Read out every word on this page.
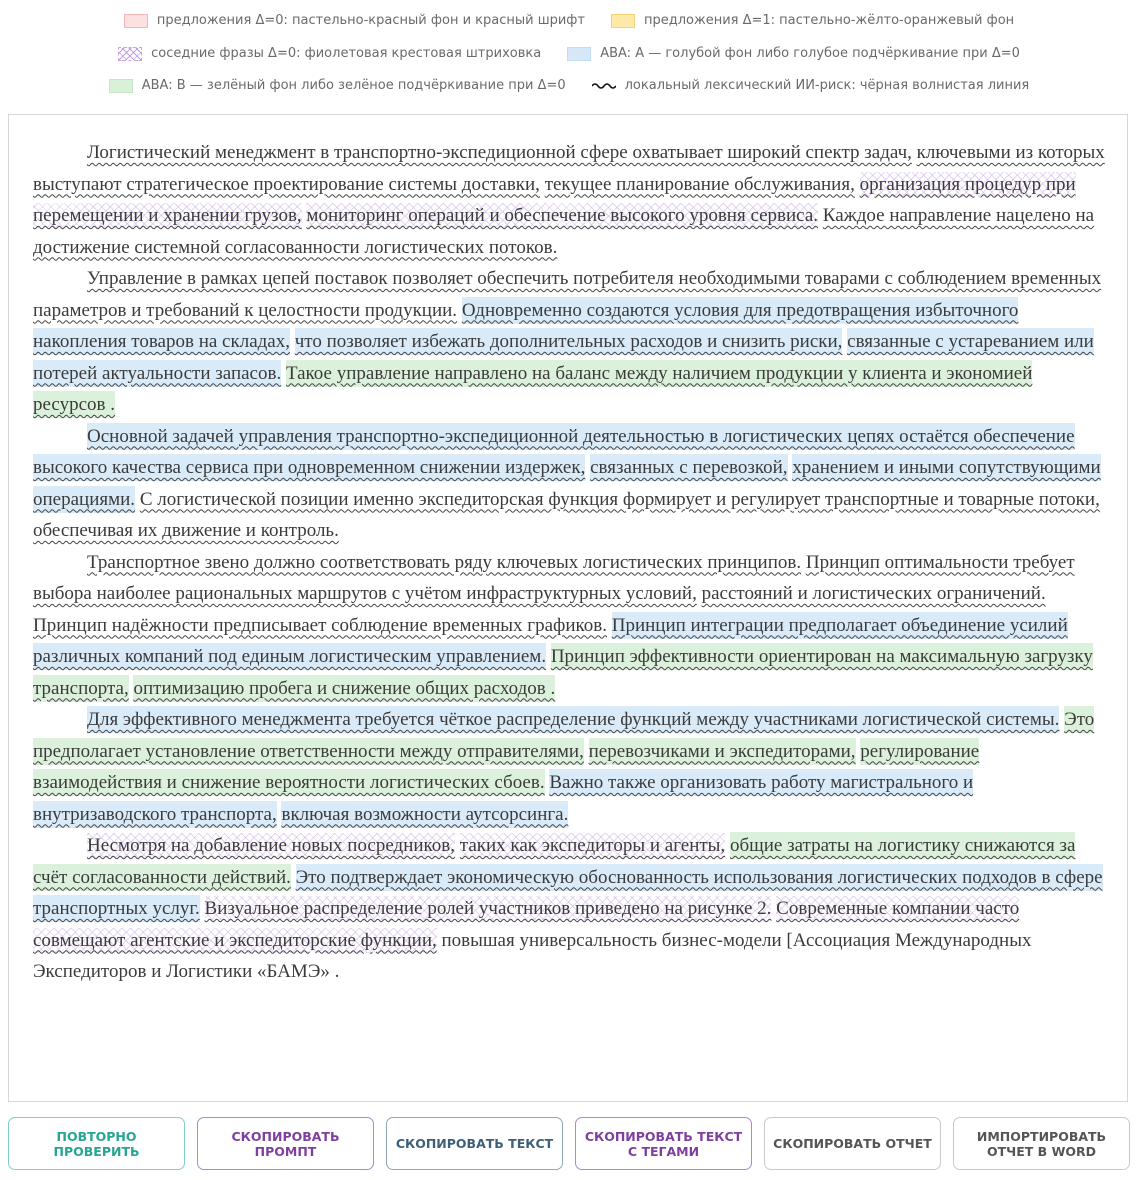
предложения Δ=0: пастельно-красный фон и красный шрифт	предложения Δ=1: пастельно-жёлто-оранжевый фон
соседние фразы Δ=0: фиолетовая крестовая штриховка	ABA: A — голубой фон либо голубое подчёркивание при Δ=0
ABA: B — зелёный фон либо зелёное подчёркивание при Δ=0	локальный лексический ИИ-риск: чёрная волнистая линия

Логистический менеджмент в транспортно-экспедиционной сфере охватывает широкий спектр задач, ключевыми из которых выступают стратегическое проектирование системы доставки, текущее планирование обслуживания, организация процедур при перемещении и хранении грузов, мониторинг операций и обеспечение высокого уровня сервиса. Каждое направление нацелено на достижение системной согласованности логистических потоков.

Управление в рамках цепей поставок позволяет обеспечить потребителя необходимыми товарами с соблюдением временных параметров и требований к целостности продукции. Одновременно создаются условия для предотвращения избыточного накопления товаров на складах, что позволяет избежать дополнительных расходов и снизить риски, связанные с устареванием или потерей актуальности запасов. Такое управление направлено на баланс между наличием продукции у клиента и экономией ресурсов .

Основной задачей управления транспортно-экспедиционной деятельностью в логистических цепях остаётся обеспечение высокого качества сервиса при одновременном снижении издержек, связанных с перевозкой, хранением и иными сопутствующими операциями. С логистической позиции именно экспедиторская функция формирует и регулирует транспортные и товарные потоки, обеспечивая их движение и контроль.

Транспортное звено должно соответствовать ряду ключевых логистических принципов. Принцип оптимальности требует выбора наиболее рациональных маршрутов с учётом инфраструктурных условий, расстояний и логистических ограничений. Принцип надёжности предписывает соблюдение временных графиков. Принцип интеграции предполагает объединение усилий различных компаний под единым логистическим управлением. Принцип эффективности ориентирован на максимальную загрузку транспорта, оптимизацию пробега и снижение общих расходов .

Для эффективного менеджмента требуется чёткое распределение функций между участниками логистической системы. Это предполагает установление ответственности между отправителями, перевозчиками и экспедиторами, регулирование взаимодействия и снижение вероятности логистических сбоев. Важно также организовать работу магистрального и внутризаводского транспорта, включая возможности аутсорсинга.

Несмотря на добавление новых посредников, таких как экспедиторы и агенты, общие затраты на логистику снижаются за счёт согласованности действий. Это подтверждает экономическую обоснованность использования логистических подходов в сфере транспортных услуг. Визуальное распределение ролей участников приведено на рисунке 2. Современные компании часто совмещают агентские и экспедиторские функции, повышая универсальность бизнес-модели [Ассоциация Международных Экспедиторов и Логистики «БАМЭ» .

ПОВТОРНО ПРОВЕРИТЬ
СКОПИРОВАТЬ ПРОМПТ	СКОПИРОВАТЬ ТЕКСТ	СКОПИРОВАТЬ ТЕКСТ С ТЕГАМИ	СКОПИРОВАТЬ ОТЧЕТ	ИМПОРТИРОВАТЬ ОТЧЕТ В WORD
